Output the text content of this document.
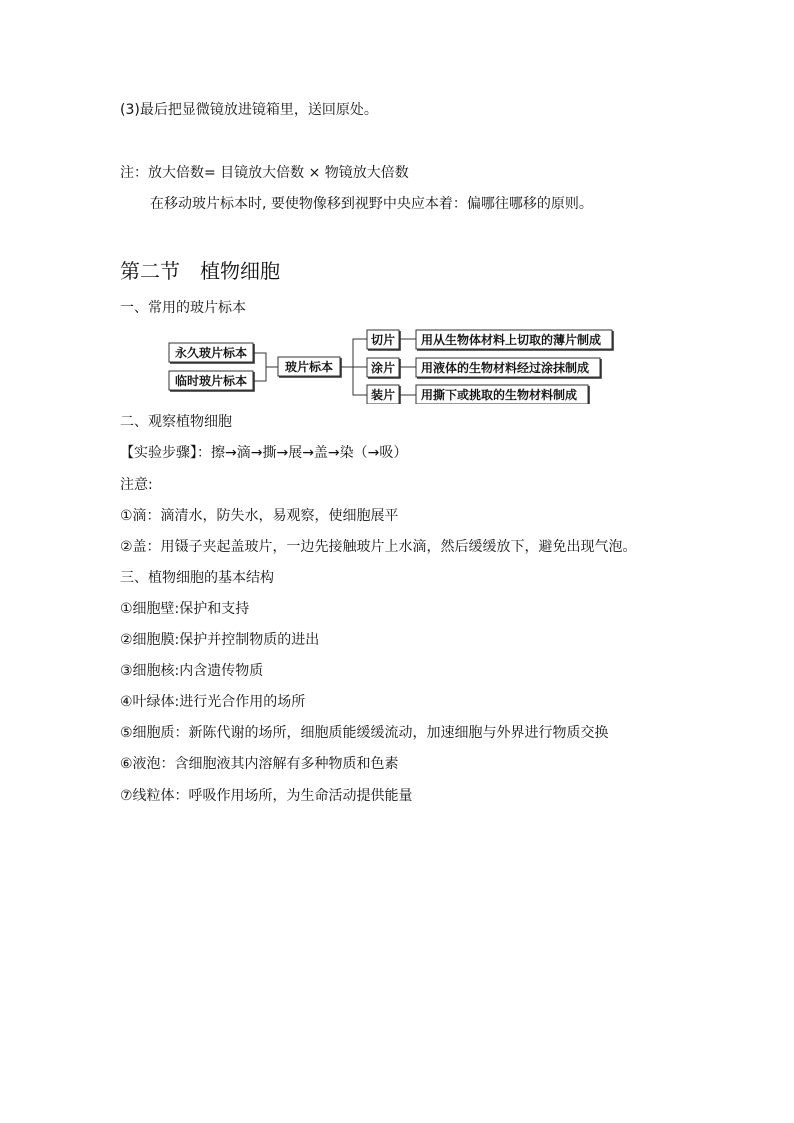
(3)最后把显微镜放进镜箱里，送回原处。
注：放大倍数= 目镜放大倍数 × 物镜放大倍数
在移动玻片标本时, 要使物像移到视野中央应本着：偏哪往哪移的原则。
第二节　植物细胞
一、常用的玻片标本
永久玻片标本
临时玻片标本
玻片标本
切片
涂片
装片
用从生物体材料上切取的薄片制成
用液体的生物材料经过涂抹制成
用撕下或挑取的生物材料制成
二、观察植物细胞
【实验步骤】：擦→滴→撕→展→盖→染（→吸）
注意:
①滴：滴清水，防失水，易观察，使细胞展平
②盖：用镊子夹起盖玻片，一边先接触玻片上水滴，然后缓缓放下，避免出现气泡。
三、植物细胞的基本结构
①细胞壁:保护和支持
②细胞膜:保护并控制物质的进出
③细胞核:内含遗传物质
④叶绿体:进行光合作用的场所
⑤细胞质：新陈代谢的场所，细胞质能缓缓流动，加速细胞与外界进行物质交换
⑥液泡：含细胞液其内溶解有多种物质和色素
⑦线粒体：呼吸作用场所，为生命活动提供能量
